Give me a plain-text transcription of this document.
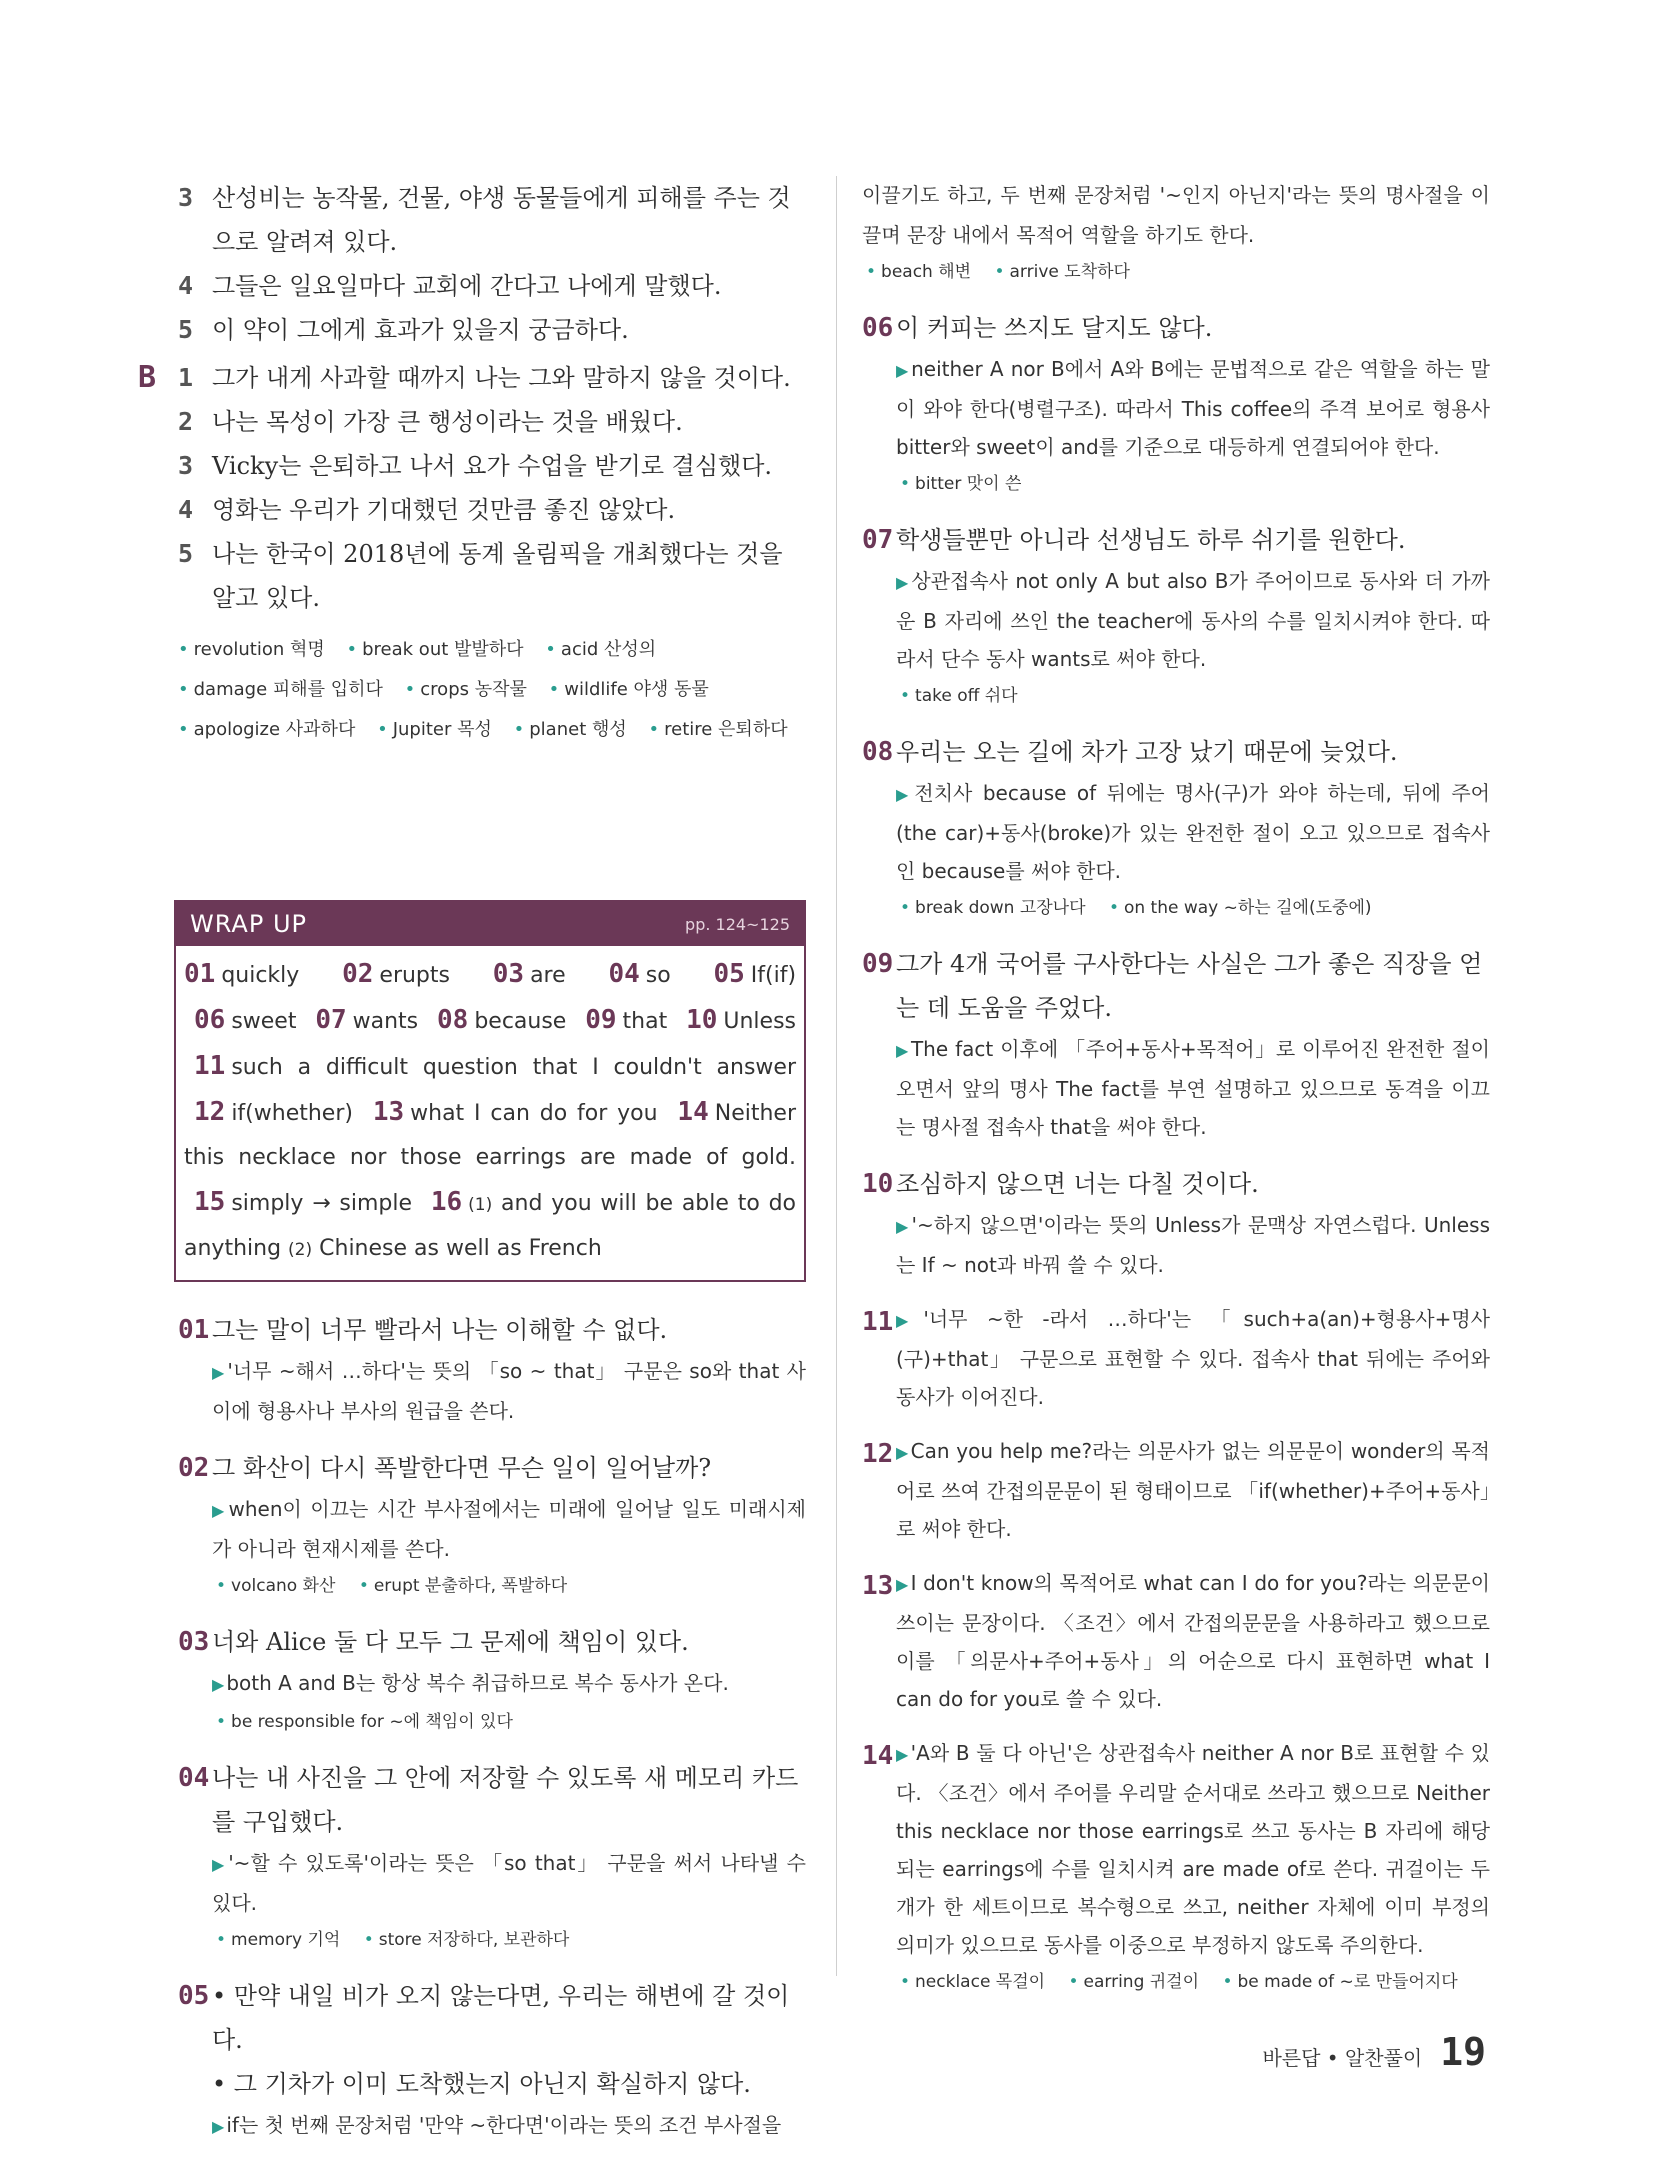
3 산성비는 농작물, 건물, 야생 동물들에게 피해를 주는 것으로 알려져 있다.
4 그들은 일요일마다 교회에 간다고 나에게 말했다.
5 이 약이 그에게 효과가 있을지 궁금하다.
B 1 그가 내게 사과할 때까지 나는 그와 말하지 않을 것이다.
2 나는 목성이 가장 큰 행성이라는 것을 배웠다.
3 Vicky는 은퇴하고 나서 요가 수업을 받기로 결심했다.
4 영화는 우리가 기대했던 것만큼 좋진 않았다.
5 나는 한국이 2018년에 동계 올림픽을 개최했다는 것을 알고 있다.
• revolution 혁명 • break out 발발하다 • acid 산성의 • damage 피해를 입히다 • crops 농작물 • wildlife 야생 동물 • apologize 사과하다 • Jupiter 목성 • planet 행성 • retire 은퇴하다
WRAP UP	pp. 124~125
01 quickly 02 erupts 03 are 04 so 05 If(if) 06 sweet 07 wants 08 because 09 that 10 Unless 11 such a difficult question that I couldn't answer 12 if(whether) 13 what I can do for you 14 Neither this necklace nor those earrings are made of gold. 15 simply → simple 16 (1) and you will be able to do anything (2) Chinese as well as French
01 그는 말이 너무 빨라서 나는 이해할 수 없다.
▶ '너무 ~해서 …하다'는 뜻의 「so ~ that」 구문은 so와 that 사이에 형용사나 부사의 원급을 쓴다.
02 그 화산이 다시 폭발한다면 무슨 일이 일어날까?
▶ when이 이끄는 시간 부사절에서는 미래에 일어날 일도 미래시제가 아니라 현재시제를 쓴다.
• volcano 화산 • erupt 분출하다, 폭발하다
03 너와 Alice 둘 다 모두 그 문제에 책임이 있다.
▶ both A and B는 항상 복수 취급하므로 복수 동사가 온다.
• be responsible for ~에 책임이 있다
04 나는 내 사진을 그 안에 저장할 수 있도록 새 메모리 카드를 구입했다.
▶ '~할 수 있도록'이라는 뜻은 「so that」 구문을 써서 나타낼 수 있다.
• memory 기억 • store 저장하다, 보관하다
05	• 만약 내일 비가 오지 않는다면, 우리는 해변에 갈 것이다.
• 그 기차가 이미 도착했는지 아닌지 확실하지 않다.
▶ if는 첫 번째 문장처럼 '만약 ~한다면'이라는 뜻의 조건 부사절을
이끌기도 하고, 두 번째 문장처럼 '~인지 아닌지'라는 뜻의 명사절을 이끌며 문장 내에서 목적어 역할을 하기도 한다.
• beach 해변 • arrive 도착하다
06 이 커피는 쓰지도 달지도 않다.
▶ neither A nor B에서 A와 B에는 문법적으로 같은 역할을 하는 말이 와야 한다(병렬구조). 따라서 This coffee의 주격 보어로 형용사 bitter와 sweet이 and를 기준으로 대등하게 연결되어야 한다.
• bitter 맛이 쓴
07 학생들뿐만 아니라 선생님도 하루 쉬기를 원한다.
▶ 상관접속사 not only A but also B가 주어이므로 동사와 더 가까운 B 자리에 쓰인 the teacher에 동사의 수를 일치시켜야 한다. 따라서 단수 동사 wants로 써야 한다.
• take off 쉬다
08 우리는 오는 길에 차가 고장 났기 때문에 늦었다.
▶ 전치사 because of 뒤에는 명사(구)가 와야 하는데, 뒤에 주어(the car)+동사(broke)가 있는 완전한 절이 오고 있으므로 접속사인 because를 써야 한다.
• break down 고장나다 • on the way ~하는 길에(도중에)
09 그가 4개 국어를 구사한다는 사실은 그가 좋은 직장을 얻는 데 도움을 주었다.
▶ The fact 이후에 「주어+동사+목적어」로 이루어진 완전한 절이 오면서 앞의 명사 The fact를 부연 설명하고 있으므로 동격을 이끄는 명사절 접속사 that을 써야 한다.
10 조심하지 않으면 너는 다칠 것이다.
▶ '~하지 않으면'이라는 뜻의 Unless가 문맥상 자연스럽다. Unless는 If ~ not과 바꿔 쓸 수 있다.
11	▶ '너무 ~한 -라서 …하다'는 「such+a(an)+형용사+명사(구)+that」 구문으로 표현할 수 있다. 접속사 that 뒤에는 주어와 동사가 이어진다.
12 ▶ Can you help me?라는 의문사가 없는 의문문이 wonder의 목적어로 쓰여 간접의문문이 된 형태이므로 「if(whether)+주어+동사」로 써야 한다.
13 ▶ I don't know의 목적어로 what can I do for you?라는 의문문이 쓰이는 문장이다. 〈조건〉에서 간접의문문을 사용하라고 했으므로 이를 「의문사+주어+동사」의 어순으로 다시 표현하면 what I can do for you로 쓸 수 있다.
14 ▶ 'A와 B 둘 다 아닌'은 상관접속사 neither A nor B로 표현할 수 있다. 〈조건〉에서 주어를 우리말 순서대로 쓰라고 했으므로 Neither this necklace nor those earrings로 쓰고 동사는 B 자리에 해당되는 earrings에 수를 일치시켜 are made of로 쓴다. 귀걸이는 두 개가 한 세트이므로 복수형으로 쓰고, neither 자체에 이미 부정의 의미가 있으므로 동사를 이중으로 부정하지 않도록 주의한다.
• necklace 목걸이 • earring 귀걸이 • be made of ~로 만들어지다
바른답 • 알찬풀이 19
